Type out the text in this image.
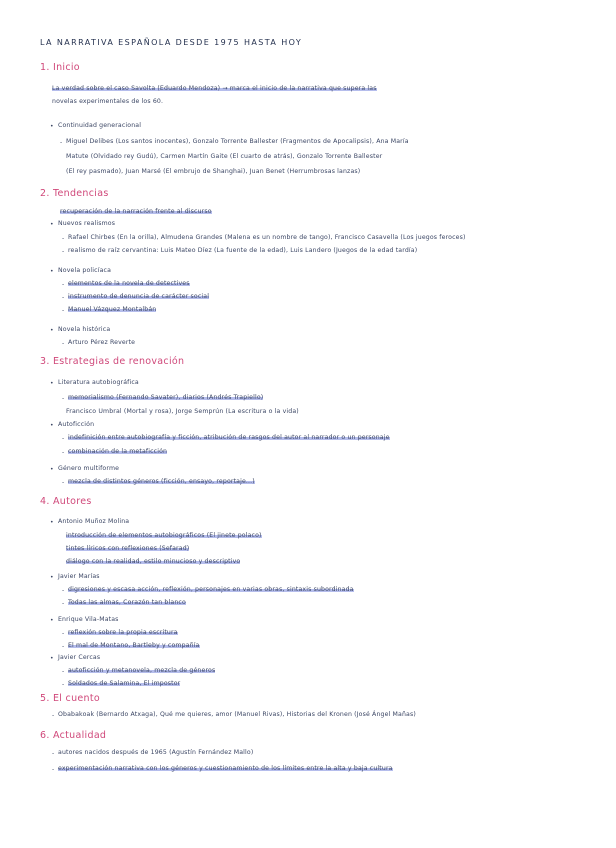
LA NARRATIVA ESPAÑOLA DESDE 1975 HASTA HOY
1. Inicio
La verdad sobre el caso Savolta (Eduardo Mendoza) → marca el inicio de la narrativa que supera las
novelas experimentales de los 60.
• Continuidad generacional
- Miguel Delibes (Los santos inocentes), Gonzalo Torrente Ballester (Fragmentos de Apocalipsis), Ana María
Matute (Olvidado rey Gudú), Carmen Martín Gaite (El cuarto de atrás), Gonzalo Torrente Ballester
(El rey pasmado), Juan Marsé (El embrujo de Shanghai), Juan Benet (Herrumbrosas lanzas)
2. Tendencias
recuperación de la narración frente al discurso
• Nuevos realismos
- Rafael Chirbes (En la orilla), Almudena Grandes (Malena es un nombre de tango), Francisco Casavella (Los juegos feroces)
- realismo de raíz cervantina: Luis Mateo Díez (La fuente de la edad), Luis Landero (Juegos de la edad tardía)
• Novela policíaca
- elementos de la novela de detectives
- instrumento de denuncia de carácter social
- Manuel Vázquez Montalbán
• Novela histórica
- Arturo Pérez Reverte
3. Estrategias de renovación
• Literatura autobiográfica
- memorialismo (Fernando Savater), diarios (Andrés Trapiello)
Francisco Umbral (Mortal y rosa), Jorge Semprún (La escritura o la vida)
• Autoficción
- indefinición entre autobiografía y ficción, atribución de rasgos del autor al narrador o un personaje
- combinación de la metaficción
• Género multiforme
- mezcla de distintos géneros (ficción, ensayo, reportaje...)
4. Autores
• Antonio Muñoz Molina
introducción de elementos autobiográficos (El jinete polaco)
tintes líricos con reflexiones (Sefarad)
diálogo con la realidad, estilo minucioso y descriptivo
• Javier Marías
- digresiones y escasa acción, reflexión, personajes en varias obras, sintaxis subordinada
- Todas las almas, Corazón tan blanco
• Enrique Vila-Matas
- reflexión sobre la propia escritura
- El mal de Montano, Bartleby y compañía
• Javier Cercas
- autoficción y metanovela, mezcla de géneros
- Soldados de Salamina, El impostor
5. El cuento
- Obabakoak (Bernardo Atxaga), Qué me quieres, amor (Manuel Rivas), Historias del Kronen (José Ángel Mañas)
6. Actualidad
- autores nacidos después de 1965 (Agustín Fernández Mallo)
- experimentación narrativa con los géneros y cuestionamiento de los límites entre la alta y baja cultura
